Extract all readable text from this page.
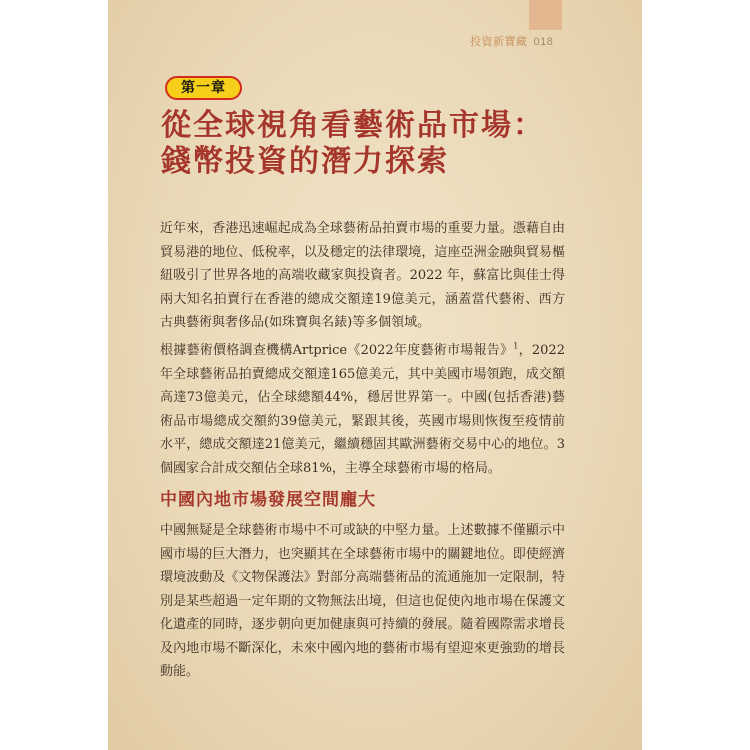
投資新寶藏 018
第一章
從全球視角看藝術品市場：
錢幣投資的潛力探索

近年來，香港迅速崛起成為全球藝術品拍賣市場的重要力量。憑藉自由貿易港的地位、低稅率，以及穩定的法律環境，這座亞洲金融與貿易樞紐吸引了世界各地的高端收藏家與投資者。2022 年，蘇富比與佳士得兩大知名拍賣行在香港的總成交額達19億美元，涵蓋當代藝術、西方古典藝術與奢侈品(如珠寶與名錶)等多個領域。

根據藝術價格調查機構Artprice《2022年度藝術市場報告》$^1$，2022年全球藝術品拍賣總成交額達165億美元，其中美國市場領跑，成交額高達73億美元，佔全球總額44%，穩居世界第一。中國(包括香港)藝術品市場總成交額約39億美元，緊跟其後，英國市場則恢復至疫情前水平，總成交額達21億美元，繼續穩固其歐洲藝術交易中心的地位。3個國家合計成交額佔全球81%，主導全球藝術市場的格局。

中國內地市場發展空間龐大

中國無疑是全球藝術市場中不可或缺的中堅力量。上述數據不僅顯示中國市場的巨大潛力，也突顯其在全球藝術市場中的關鍵地位。即使經濟環境波動及《文物保護法》對部分高端藝術品的流通施加一定限制，特別是某些超過一定年期的文物無法出境，但這也促使內地市場在保護文化遺產的同時，逐步朝向更加健康與可持續的發展。隨着國際需求增長及內地市場不斷深化，未來中國內地的藝術市場有望迎來更強勁的增長動能。
